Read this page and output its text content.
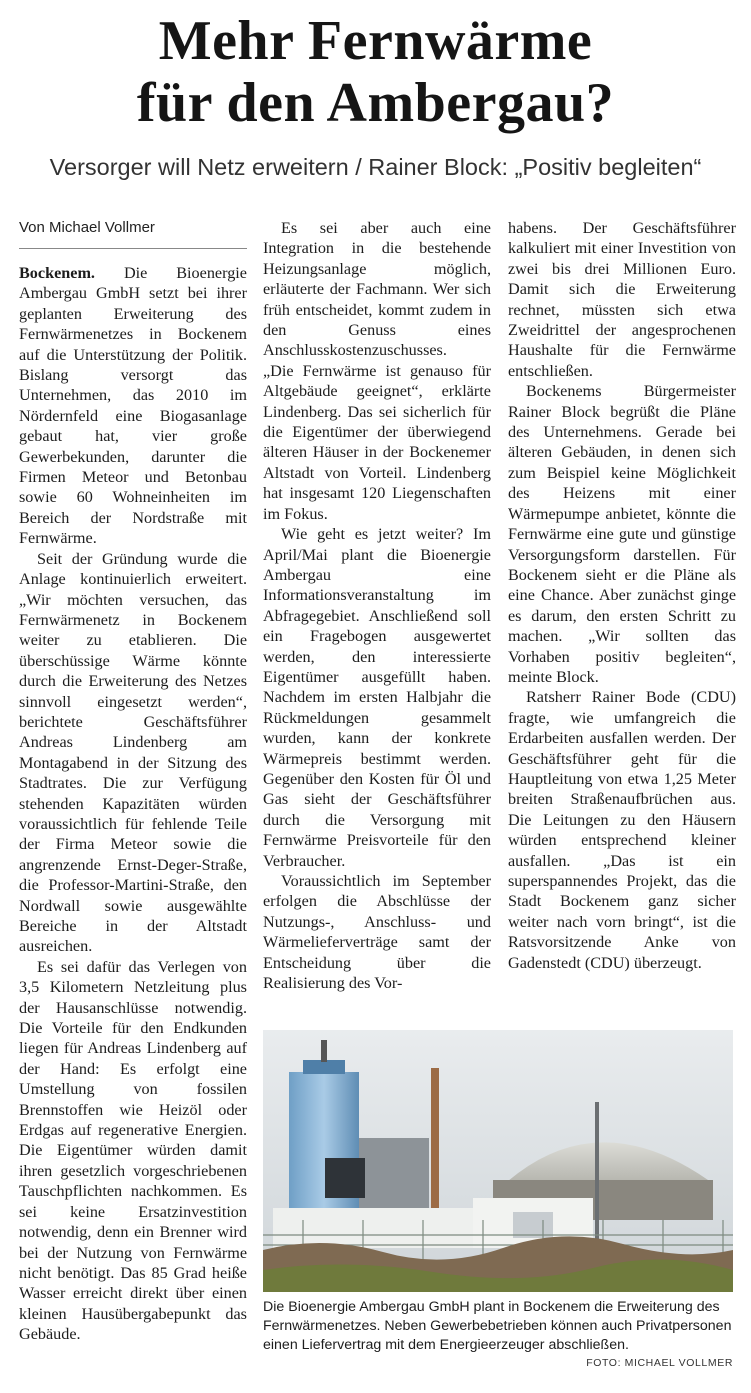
Mehr Fernwärme
für den Ambergau?
Versorger will Netz erweitern / Rainer Block: „Positiv begleiten“
Von Michael Vollmer

Bockenem. Die Bioenergie Ambergau GmbH setzt bei ihrer geplanten Erweiterung des Fernwärmenetzes in Bockenem auf die Unterstützung der Politik. Bislang versorgt das Unternehmen, das 2010 im Nördernfeld eine Biogasanlage gebaut hat, vier große Gewerbekunden, darunter die Firmen Meteor und Betonbau sowie 60 Wohneinheiten im Bereich der Nordstraße mit Fernwärme.

Seit der Gründung wurde die Anlage kontinuierlich erweitert. „Wir möchten versuchen, das Fernwärmenetz in Bockenem weiter zu etablieren. Die überschüssige Wärme könnte durch die Erweiterung des Netzes sinnvoll eingesetzt werden“, berichtete Geschäftsführer Andreas Lindenberg am Montagabend in der Sitzung des Stadtrates. Die zur Verfügung stehenden Kapazitäten würden voraussichtlich für fehlende Teile der Firma Meteor sowie die angrenzende Ernst-Deger-Straße, die Professor-Martini-Straße, den Nordwall sowie ausgewählte Bereiche in der Altstadt ausreichen.

Es sei dafür das Verlegen von 3,5 Kilometern Netzleitung plus der Hausanschlüsse notwendig. Die Vorteile für den Endkunden liegen für Andreas Lindenberg auf der Hand: Es erfolgt eine Umstellung von fossilen Brennstoffen wie Heizöl oder Erdgas auf regenerative Energien. Die Eigentümer würden damit ihren gesetzlich vorgeschriebenen Tauschpflichten nachkommen. Es sei keine Ersatzinvestition notwendig, denn ein Brenner wird bei der Nutzung von Fernwärme nicht benötigt. Das 85 Grad heiße Wasser erreicht direkt über einen kleinen Hausübergabepunkt das Gebäude.

Es sei aber auch eine Integration in die bestehende Heizungsanlage möglich, erläuterte der Fachmann. Wer sich früh entscheidet, kommt zudem in den Genuss eines Anschlusskostenzuschusses.

„Die Fernwärme ist genauso für Altgebäude geeignet“, erklärte Lindenberg. Das sei sicherlich für die Eigentümer der überwiegend älteren Häuser in der Bockenemer Altstadt von Vorteil. Lindenberg hat insgesamt 120 Liegenschaften im Fokus.

Wie geht es jetzt weiter? Im April/Mai plant die Bioenergie Ambergau eine Informationsveranstaltung im Abfragegebiet. Anschließend soll ein Fragebogen ausgewertet werden, den interessierte Eigentümer ausgefüllt haben. Nachdem im ersten Halbjahr die Rückmeldungen gesammelt wurden, kann der konkrete Wärmepreis bestimmt werden. Gegenüber den Kosten für Öl und Gas sieht der Geschäftsführer durch die Versorgung mit Fernwärme Preisvorteile für den Verbraucher.

Voraussichtlich im September erfolgen die Abschlüsse der Nutzungs-, Anschluss- und Wärmelieferverträge samt der Entscheidung über die Realisierung des Vor-

habens. Der Geschäftsführer kalkuliert mit einer Investition von zwei bis drei Millionen Euro. Damit sich die Erweiterung rechnet, müssten sich etwa Zweidrittel der angesprochenen Haushalte für die Fernwärme entschließen.

Bockenems Bürgermeister Rainer Block begrüßt die Pläne des Unternehmens. Gerade bei älteren Gebäuden, in denen sich zum Beispiel keine Möglichkeit des Heizens mit einer Wärmepumpe anbietet, könnte die Fernwärme eine gute und günstige Versorgungsform darstellen. Für Bockenem sieht er die Pläne als eine Chance. Aber zunächst ginge es darum, den ersten Schritt zu machen. „Wir sollten das Vorhaben positiv begleiten“, meinte Block.

Ratsherr Rainer Bode (CDU) fragte, wie umfangreich die Erdarbeiten ausfallen werden. Der Geschäftsführer geht für die Hauptleitung von etwa 1,25 Meter breiten Straßenaufbrüchen aus. Die Leitungen zu den Häusern würden entsprechend kleiner ausfallen. „Das ist ein superspannendes Projekt, das die Stadt Bockenem ganz sicher weiter nach vorn bringt“, ist die Ratsvorsitzende Anke von Gadenstedt (CDU) überzeugt.

Die Bioenergie Ambergau GmbH plant in Bockenem die Erweiterung des Fernwärmenetzes. Neben Gewerbebetrieben können auch Privatpersonen einen Liefervertrag mit dem Energieerzeuger abschließen.
FOTO: MICHAEL VOLLMER
